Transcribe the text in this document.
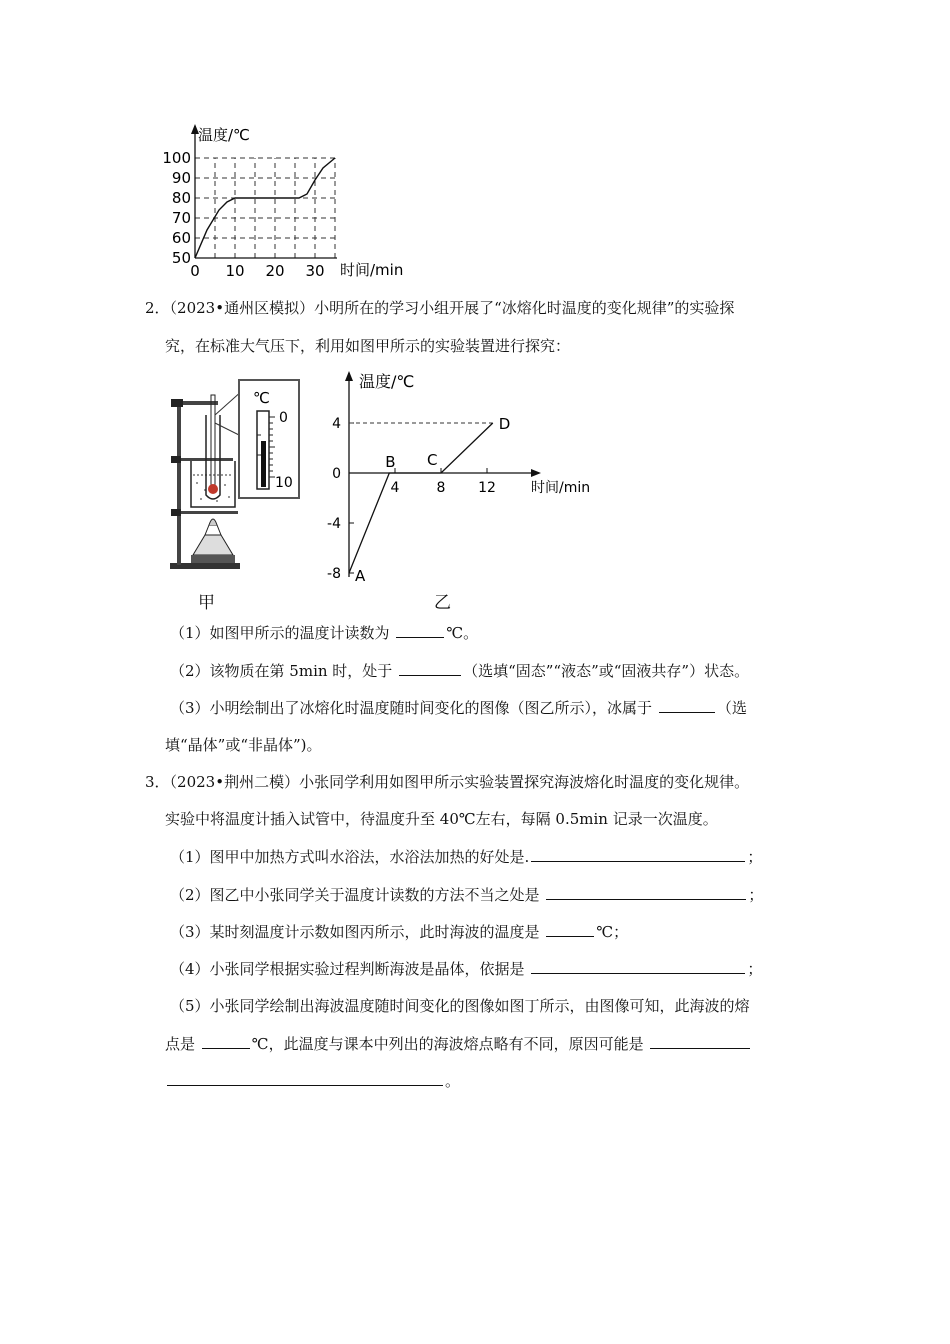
50
60
70
80
90
100
0 10 20 30
温度/℃
时间/min
2．（2023•通州区模拟）小明所在的学习小组开展了“冰熔化时温度的变化规律”的实验探
究，在标准大气压下，利用如图甲所示的实验装置进行探究：
℃
0
10
甲
4	8 12
4
0
-4
-8 A
B C
D
温度/℃
时间/min
乙
（1）如图甲所示的温度计读数为	℃。
（2）该物质在第 5min 时，处于	（选填“固态”“液态”或“固液共存”）状态。
（3）小明绘制出了冰熔化时温度随时间变化的图像（图乙所示），冰属于	（选
填“晶体”或“非晶体”)。
3．（2023•荆州二模）小张同学利用如图甲所示实验装置探究海波熔化时温度的变化规律。
实验中将温度计插入试管中，待温度升至 40℃左右，每隔 0.5min 记录一次温度。
（1）图甲中加热方式叫水浴法，水浴法加热的好处是.	；
（2）图乙中小张同学关于温度计读数的方法不当之处是	；
（3）某时刻温度计示数如图丙所示，此时海波的温度是	℃；
（4）小张同学根据实验过程判断海波是晶体，依据是	；
（5）小张同学绘制出海波温度随时间变化的图像如图丁所示，由图像可知，此海波的熔
点是	℃，此温度与课本中列出的海波熔点略有不同，原因可能是
。
